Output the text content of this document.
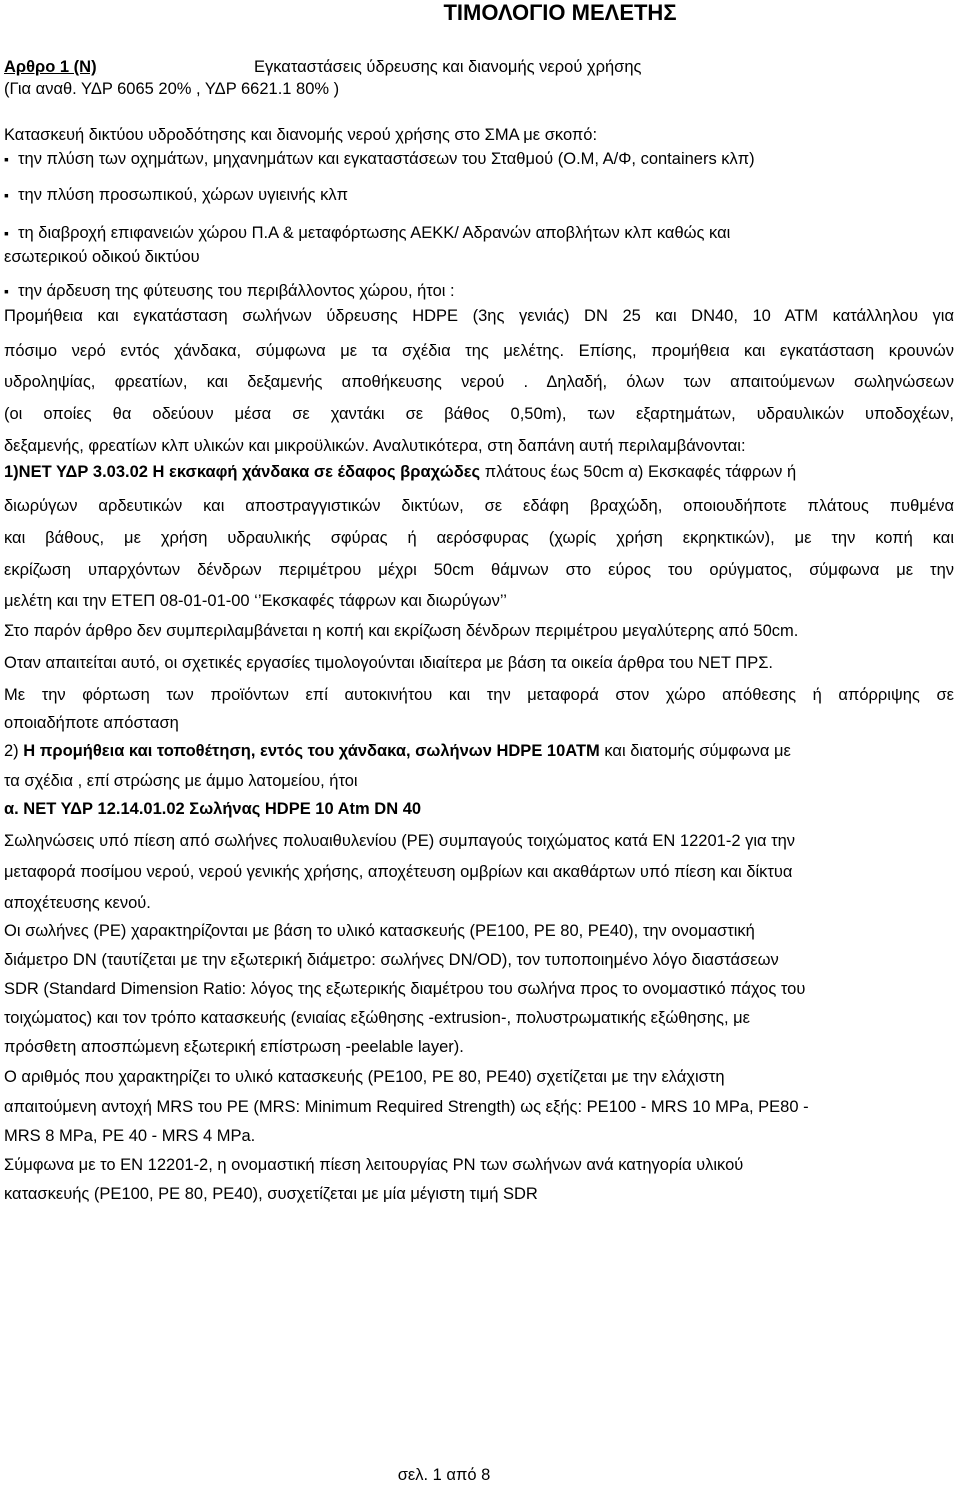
ΤΙΜΟΛΟΓΙΟ ΜΕΛΕΤΗΣ
Αρθρο 1 (Ν)	Εγκαταστάσεις ύδρευσης και διανομής νερού χρήσης
(Για αναθ. ΥΔΡ 6065 20% , ΥΔΡ 6621.1 80% )
Κατασκευή δικτύου υδροδότησης και διανομής νερού χρήσης στο ΣΜΑ με σκοπό:
▪την πλύση των οχημάτων, μηχανημάτων και εγκαταστάσεων του Σταθμού (Ο.Μ, Α/Φ, containers κλπ)
▪την πλύση προσωπικού, χώρων υγιεινής κλπ
▪τη διαβροχή επιφανειών χώρου Π.Α & μεταφόρτωσης ΑΕΚΚ/ Αδρανών αποβλήτων κλπ καθώς και
εσωτερικού οδικού δικτύου
▪την άρδευση της φύτευσης του περιβάλλοντος χώρου, ήτοι :
Προμήθεια και εγκατάσταση σωλήνων ύδρευσης HDPE (3ης γενιάς) DN 25 και DN40, 10 ATM κατάλληλου για
πόσιμο νερό εντός χάνδακα, σύμφωνα με τα σχέδια της μελέτης. Επίσης, προμήθεια και εγκατάσταση κρουνών
υδροληψίας, φρεατίων, και δεξαμενής αποθήκευσης νερού . Δηλαδή, όλων των απαιτούμενων σωληνώσεων
(οι οποίες θα οδεύουν μέσα σε χαντάκι σε βάθος 0,50m), των εξαρτημάτων, υδραυλικών υποδοχέων,
δεξαμενής, φρεατίων κλπ υλικών και μικροϋλικών. Αναλυτικότερα, στη δαπάνη αυτή περιλαμβάνονται:
1)ΝΕΤ ΥΔΡ 3.03.02 Η εκσκαφή χάνδακα σε έδαφος βραχώδες πλάτους έως 50cm α) Εκσκαφές τάφρων ή
διωρύγων αρδευτικών και αποστραγγιστικών δικτύων, σε εδάφη βραχώδη, οποιουδήποτε πλάτους πυθμένα
και βάθους, με χρήση υδραυλικής σφύρας ή αερόσφυρας (χωρίς χρήση εκρηκτικών), με την κοπή και
εκρίζωση υπαρχόντων δένδρων περιμέτρου μέχρι 50cm θάμνων στο εύρος του ορύγματος, σύμφωνα με την
μελέτη και την ΕΤΕΠ 08-01-01-00 ‘’Εκσκαφές τάφρων και διωρύγων’’
Στο παρόν άρθρο δεν συμπεριλαμβάνεται η κοπή και εκρίζωση δένδρων περιμέτρου μεγαλύτερης από 50cm.
Οταν απαιτείται αυτό, οι σχετικές εργασίες τιμολογούνται ιδιαίτερα με βάση τα οικεία άρθρα του ΝΕΤ ΠΡΣ.
Με την φόρτωση των προϊόντων επί αυτοκινήτου και την μεταφορά στον χώρο απόθεσης ή απόρριψης σε
οποιαδήποτε απόσταση
2) Η προμήθεια και τοποθέτηση, εντός του χάνδακα, σωλήνων HDPE 10ATM και διατομής σύμφωνα με
τα σχέδια , επί στρώσης με άμμο λατομείου, ήτοι
α. ΝΕΤ ΥΔΡ 12.14.01.02 Σωλήνας HDPE 10 Atm DN 40
Σωληνώσεις υπό πίεση από σωλήνες πολυαιθυλενίου (PE) συμπαγούς τοιχώματος κατά ΕΝ 12201-2 για την
μεταφορά ποσίμου νερού, νερού γενικής χρήσης, αποχέτευση ομβρίων και ακαθάρτων υπό πίεση και δίκτυα
αποχέτευσης κενού.
Οι σωλήνες (PE) χαρακτηρίζονται με βάση το υλικό κατασκευής (PE100, PE 80, PE40), την ονομαστική
διάμετρο DN (ταυτίζεται με την εξωτερική διάμετρο: σωλήνες DN/OD), τον τυποποιημένο λόγο διαστάσεων
SDR (Standard Dimension Ratio: λόγος της εξωτερικής διαμέτρου του σωλήνα προς το ονομαστικό πάχος του
τοιχώματος) και τον τρόπο κατασκευής (ενιαίας εξώθησης -extrusion-, πολυστρωματικής εξώθησης, με
πρόσθετη αποσπώμενη εξωτερική επίστρωση -peelable layer).
Ο αριθμός που χαρακτηρίζει το υλικό κατασκευής (PE100, PE 80, PE40) σχετίζεται με την ελάχιστη
απαιτούμενη αντοχή MRS του PE (MRS: Minimum Required Strength) ως εξής: PE100 - MRS 10 MPa, PE80 -
MRS 8 MPa, PE 40 - MRS 4 MPa.
Σύμφωνα με το ΕΝ 12201-2, η ονομαστική πίεση λειτουργίας PN των σωλήνων ανά κατηγορία υλικού
κατασκευής (PE100, PE 80, PE40), συσχετίζεται με μία μέγιστη τιμή SDR
σελ. 1 από 8
